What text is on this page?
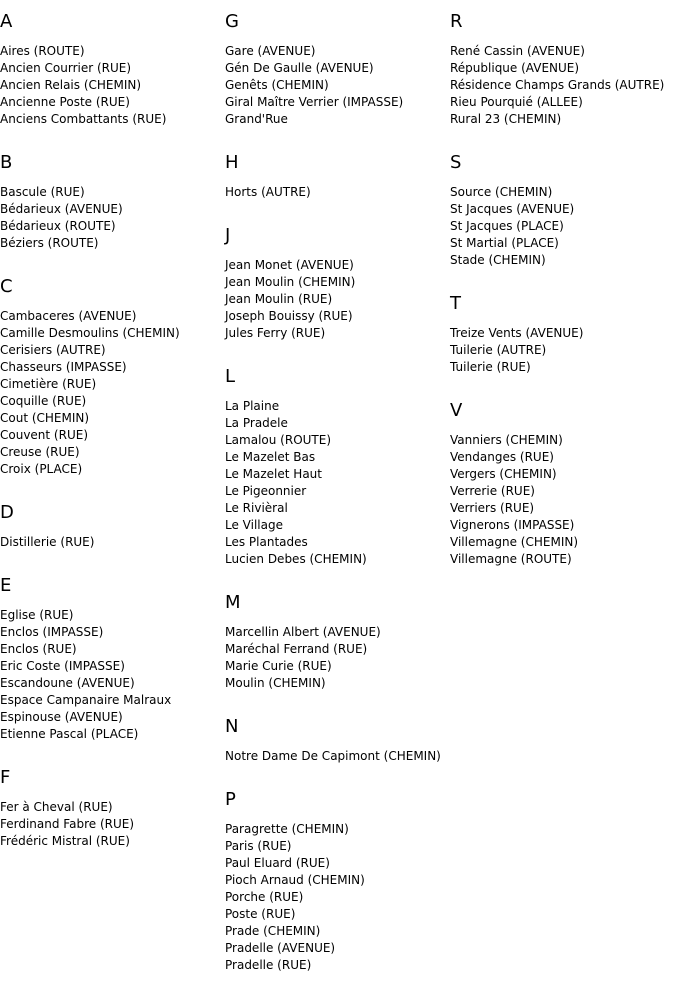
A
Aires (ROUTE)
Ancien Courrier (RUE)
Ancien Relais (CHEMIN)
Ancienne Poste (RUE)
Anciens Combattants (RUE)
B
Bascule (RUE)
Bédarieux (AVENUE)
Bédarieux (ROUTE)
Béziers (ROUTE)
C
Cambaceres (AVENUE)
Camille Desmoulins (CHEMIN)
Cerisiers (AUTRE)
Chasseurs (IMPASSE)
Cimetière (RUE)
Coquille (RUE)
Cout (CHEMIN)
Couvent (RUE)
Creuse (RUE)
Croix (PLACE)
D
Distillerie (RUE)
E
Eglise (RUE)
Enclos (IMPASSE)
Enclos (RUE)
Eric Coste (IMPASSE)
Escandoune (AVENUE)
Espace Campanaire Malraux
Espinouse (AVENUE)
Etienne Pascal (PLACE)
F
Fer à Cheval (RUE)
Ferdinand Fabre (RUE)
Frédéric Mistral (RUE)
G
Gare (AVENUE)
Gén De Gaulle (AVENUE)
Genêts (CHEMIN)
Giral Maître Verrier (IMPASSE)
Grand'Rue
H
Horts (AUTRE)
J
Jean Monet (AVENUE)
Jean Moulin (CHEMIN)
Jean Moulin (RUE)
Joseph Bouissy (RUE)
Jules Ferry (RUE)
L
La Plaine
La Pradele
Lamalou (ROUTE)
Le Mazelet Bas
Le Mazelet Haut
Le Pigeonnier
Le Rivièral
Le Village
Les Plantades
Lucien Debes (CHEMIN)
M
Marcellin Albert (AVENUE)
Maréchal Ferrand (RUE)
Marie Curie (RUE)
Moulin (CHEMIN)
N
Notre Dame De Capimont (CHEMIN)
P
Paragrette (CHEMIN)
Paris (RUE)
Paul Eluard (RUE)
Pioch Arnaud (CHEMIN)
Porche (RUE)
Poste (RUE)
Prade (CHEMIN)
Pradelle (AVENUE)
Pradelle (RUE)
R
René Cassin (AVENUE)
République (AVENUE)
Résidence Champs Grands (AUTRE)
Rieu Pourquié (ALLEE)
Rural 23 (CHEMIN)
S
Source (CHEMIN)
St Jacques (AVENUE)
St Jacques (PLACE)
St Martial (PLACE)
Stade (CHEMIN)
T
Treize Vents (AVENUE)
Tuilerie (AUTRE)
Tuilerie (RUE)
V
Vanniers (CHEMIN)
Vendanges (RUE)
Vergers (CHEMIN)
Verrerie (RUE)
Verriers (RUE)
Vignerons (IMPASSE)
Villemagne (CHEMIN)
Villemagne (ROUTE)
